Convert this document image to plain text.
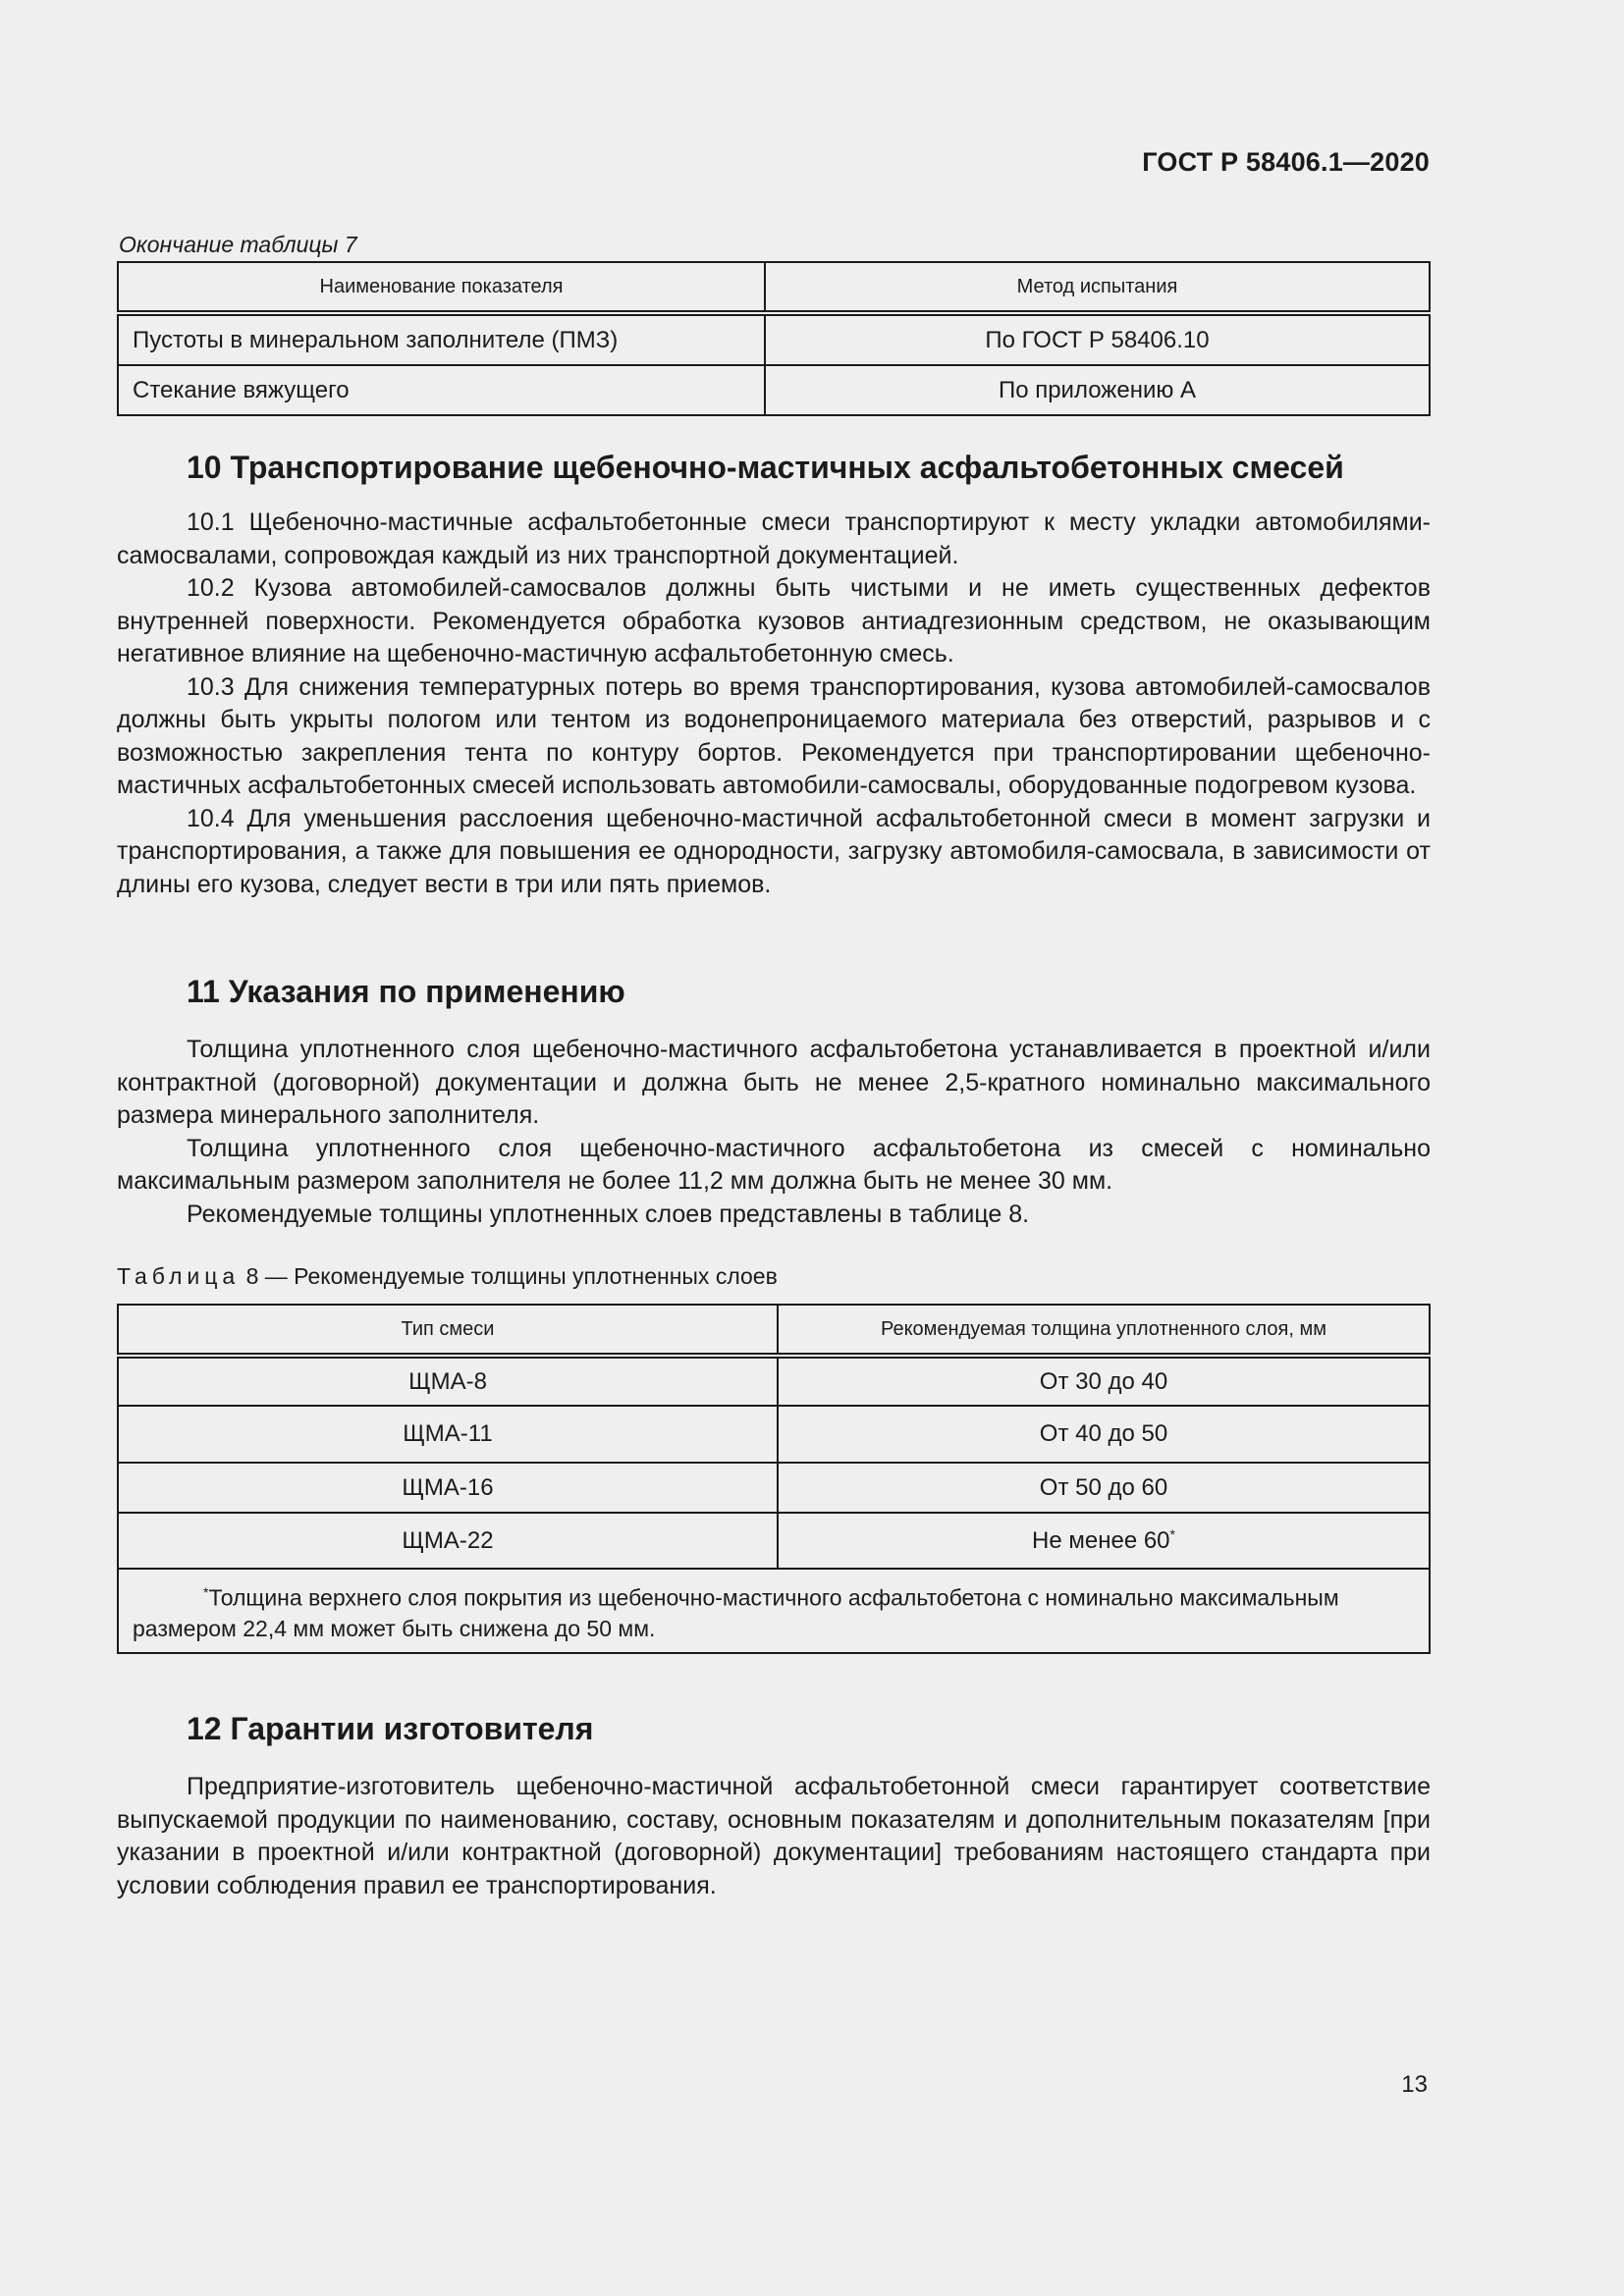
ГОСТ Р 58406.1—2020
Окончание таблицы 7
Наименование показателя	Метод испытания
Пустоты в минеральном заполнителе (ПМЗ)	По ГОСТ Р 58406.10
Стекание вяжущего	По приложению А
10 Транспортирование щебеночно-мастичных асфальтобетонных смесей

10.1 Щебеночно-мастичные асфальтобетонные смеси транспортируют к месту укладки автомобилями-самосвалами, сопровождая каждый из них транспортной документацией.

10.2 Кузова автомобилей-самосвалов должны быть чистыми и не иметь существенных дефектов внутренней поверхности. Рекомендуется обработка кузовов антиадгезионным средством, не оказывающим негативное влияние на щебеночно-мастичную асфальтобетонную смесь.

10.3 Для снижения температурных потерь во время транспортирования, кузова автомобилей-самосвалов должны быть укрыты пологом или тентом из водонепроницаемого материала без отверстий, разрывов и с возможностью закрепления тента по контуру бортов. Рекомендуется при транспортировании щебеночно-мастичных асфальтобетонных смесей использовать автомобили-самосвалы, оборудованные подогревом кузова.

10.4 Для уменьшения расслоения щебеночно-мастичной асфальтобетонной смеси в момент загрузки и транспортирования, а также для повышения ее однородности, загрузку автомобиля-самосвала, в зависимости от длины его кузова, следует вести в три или пять приемов.

11 Указания по применению

Толщина уплотненного слоя щебеночно-мастичного асфальтобетона устанавливается в проектной и/или контрактной (договорной) документации и должна быть не менее 2,5-кратного номинально максимального размера минерального заполнителя.

Толщина уплотненного слоя щебеночно-мастичного асфальтобетона из смесей с номинально максимальным размером заполнителя не более 11,2 мм должна быть не менее 30 мм.

Рекомендуемые толщины уплотненных слоев представлены в таблице 8.

Таблица 8 — Рекомендуемые толщины уплотненных слоев
Тип смеси	Рекомендуемая толщина уплотненного слоя, мм
ЩМА-8	От 30 до 40
ЩМА-11	От 40 до 50
ЩМА-16	От 50 до 60
ЩМА-22	Не менее 60*
*Толщина верхнего слоя покрытия из щебеночно-мастичного асфальтобетона с номинально максимальным размером 22,4 мм может быть снижена до 50 мм.	
12 Гарантии изготовителя

Предприятие-изготовитель щебеночно-мастичной асфальтобетонной смеси гарантирует соответствие выпускаемой продукции по наименованию, составу, основным показателям и дополнительным показателям [при указании в проектной и/или контрактной (договорной) документации] требованиям настоящего стандарта при условии соблюдения правил ее транспортирования.

13
